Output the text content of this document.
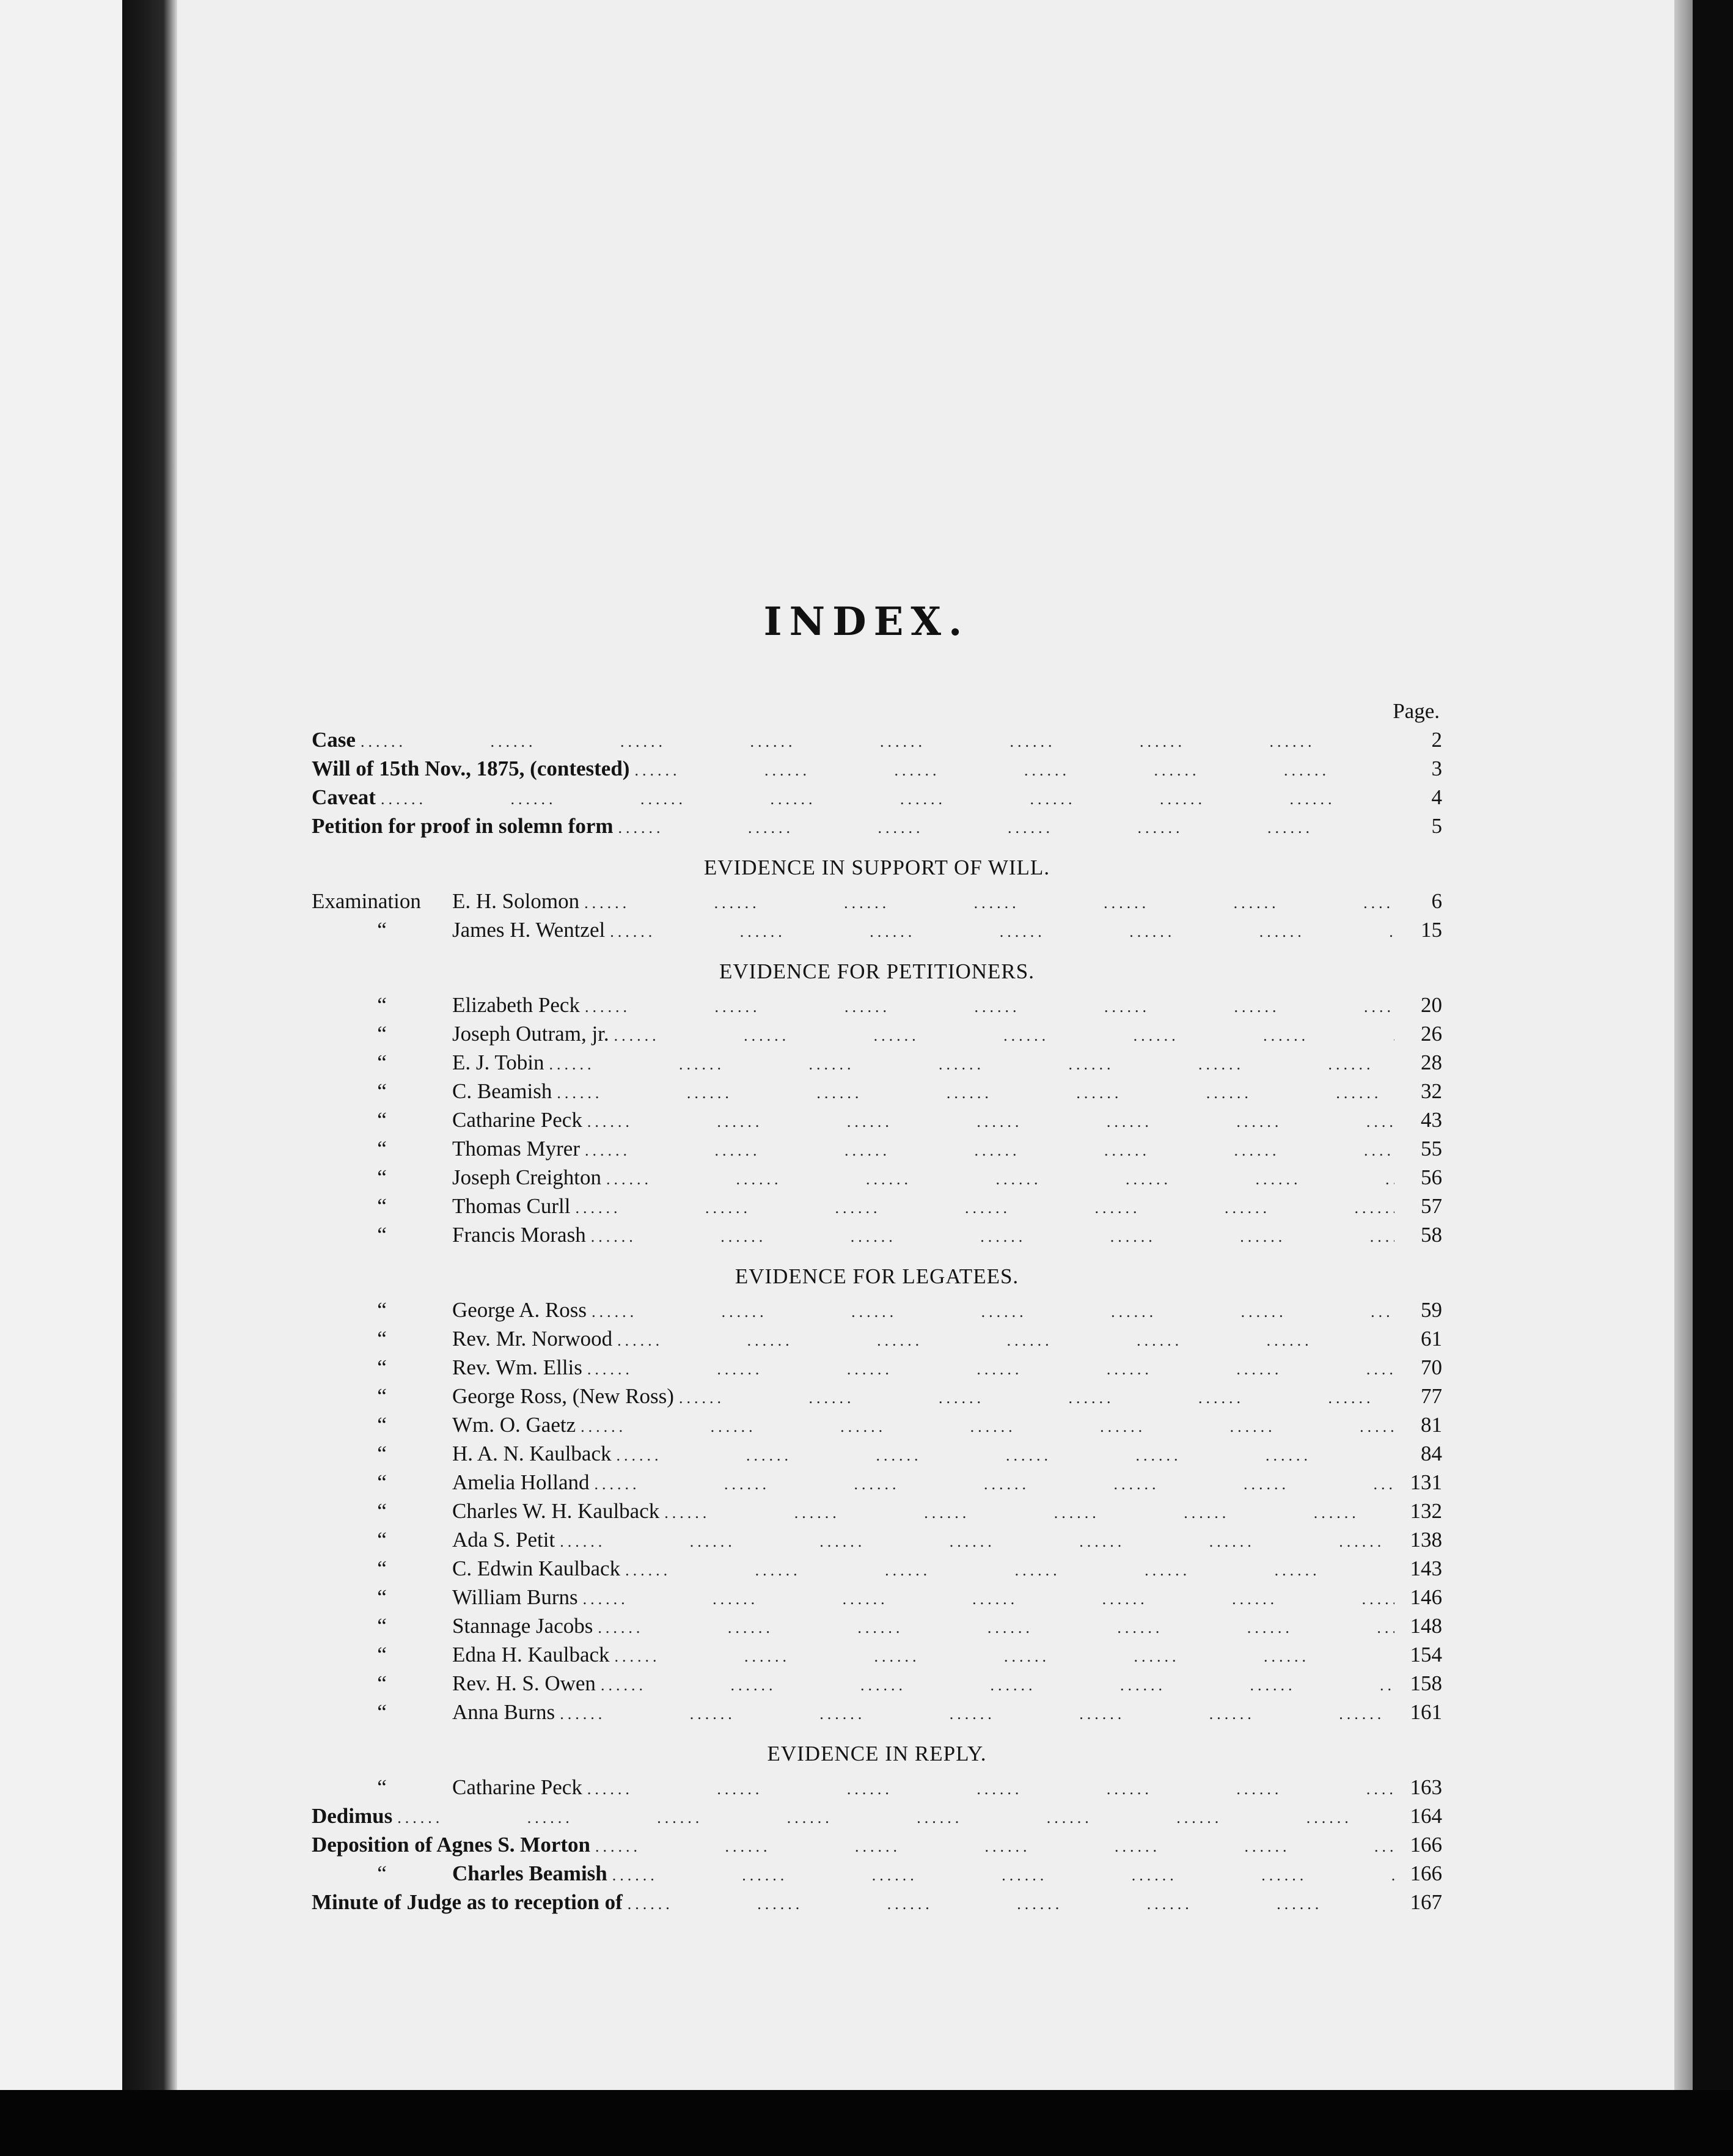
INDEX.
Page.
Case .....	2
Will of 15th Nov., 1875, (contested) .....	3
Caveat .....	4
Petition for proof in solemn form .....	5
EVIDENCE IN SUPPORT OF WILL.
Examination	E. H. Solomon .....	6
“	James H. Wentzel .....	15
EVIDENCE FOR PETITIONERS.
“	Elizabeth Peck .....	20
“	Joseph Outram, jr. .....	26
“	E. J. Tobin .....	28
“	C. Beamish .....	32
“	Catharine Peck .....	43
“	Thomas Myrer .....	55
“	Joseph Creighton .....	56
“	Thomas Curll .....	57
“	Francis Morash .....	58
EVIDENCE FOR LEGATEES.
“	George A. Ross .....	59
“	Rev. Mr. Norwood .....	61
“	Rev. Wm. Ellis .....	70
“	George Ross, (New Ross) .....	77
“	Wm. O. Gaetz .....	81
“	H. A. N. Kaulback .....	84
“	Amelia Holland .....	131
“	Charles W. H. Kaulback .....	132
“	Ada S. Petit .....	138
“	C. Edwin Kaulback .....	143
“	William Burns .....	146
“	Stannage Jacobs .....	148
“	Edna H. Kaulback .....	154
“	Rev. H. S. Owen .....	158
“	Anna Burns .....	161
EVIDENCE IN REPLY.
“	Catharine Peck .....	163
Dedimus .....	164
Deposition of Agnes S. Morton .....	166
“	Charles Beamish .....	166
Minute of Judge as to reception of .....	167
